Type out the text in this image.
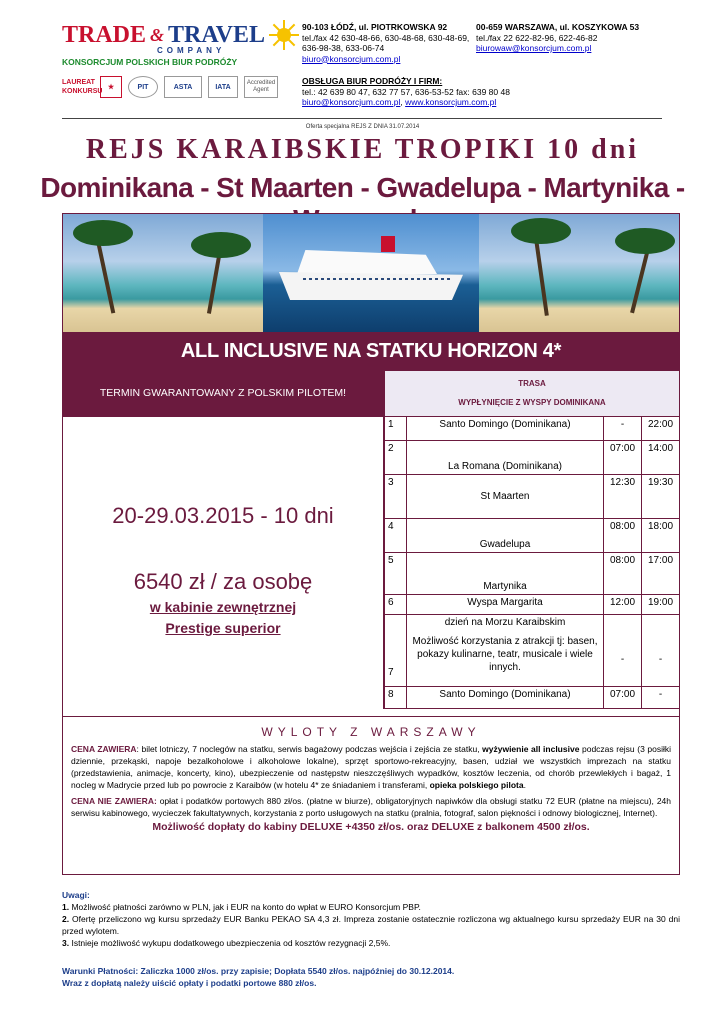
TRADE & TRAVEL
COMPANY
KONSORCJUM POLSKICH BIUR PODRÓŻY
LAUREAT KONKURSU
★	PIT	ASTA	IATA
Accredited Agent
90-103 ŁÓDŹ, ul. PIOTRKOWSKA 92
tel./fax 42 630-48-66, 630-48-68, 630-48-69, 636-98-38, 633-06-74
biuro@konsorcjum.com.pl
00-659 WARSZAWA, ul. KOSZYKOWA 53
tel./fax 22 622-82-96, 622-46-82
biurowaw@konsorcjum.com.pl
OBSŁUGA BIUR PODRÓŻY I FIRM:
tel.: 42 639 80 47, 632 77 57, 636-53-52 fax: 639 80 48
biuro@konsorcjum.com.pl, www.konsorcjum.com.pl
Oferta specjalna REJS Z DNIA 31.07.2014
REJS KARAIBSKIE TROPIKI 10 dni
Dominikana - St Maarten - Gwadelupa - Martynika -
ALL INCLUSIVE NA STATKU HORIZON 4*
TERMIN GWARANTOWANY Z POLSKIM PILOTEM!
20-29.03.2015 - 10 dni
6540 zł / za osobę
w kabinie zewnętrznej
Prestige superior
TRASA
WYPŁYNIĘCIE Z WYSPY DOMINIKANA			

1	Santo Domingo (Dominikana)	-	22:00
2	La Romana (Dominikana)	07:00	14:00
3	St Maarten	12:30	19:30
4	Gwadelupa	08:00	18:00
5	Martynika	08:00	17:00
6	Wyspa Margarita	12:00	19:00
7	dzień na Morzu Karaibskim
Możliwość korzystania z atrakcji tj: basen, pokazy kulinarne, teatr, musicale i wiele innych.	-	-
8	Santo Domingo (Dominikana)	07:00	-
WYLOTY Z WARSZAWY

CENA ZAWIERA: bilet lotniczy, 7 noclegów na statku, serwis bagażowy podczas wejścia i zejścia ze statku, wyżywienie all inclusive podczas rejsu (3 posiłki dziennie, przekąski, napoje bezalkoholowe i alkoholowe lokalne), sprzęt sportowo-rekreacyjny, basen, udział we wszystkich imprezach na statku (przedstawienia, animacje, koncerty, kino), ubezpieczenie od następstw nieszczęśliwych wypadków, kosztów leczenia, od chorób przewlekłych i bagaż, 1 nocleg w Madrycie przed lub po powrocie z Karaibów (w hotelu 4* ze śniadaniem i transferami, opieka polskiego pilota.

CENA NIE ZAWIERA: opłat i podatków portowych 880 zł/os. (płatne w biurze), obligatoryjnych napiwków dla obsługi statku 72 EUR (płatne na miejscu), 24h serwisu kabinowego, wycieczek fakultatywnych, korzystania z porto usługowych na statku (pralnia, fotograf, salon piękności i odnowy biologicznej, Internet).

Możliwość dopłaty do kabiny DELUXE +4350 zł/os. oraz DELUXE z balkonem 4500 zł/os.
Uwagi:
1. Możliwość płatności zarówno w PLN, jak i EUR na konto do wpłat w EURO Konsorcjum PBP.
2. Ofertę przeliczono wg kursu sprzedaży EUR Banku PEKAO SA 4,3 zł. Impreza zostanie ostatecznie rozliczona wg aktualnego kursu sprzedaży EUR na 30 dni przed wylotem.
3. Istnieje możliwość wykupu dodatkowego ubezpieczenia od kosztów rezygnacji 2,5%.
Warunki Płatności: Zaliczka 1000 zł/os. przy zapisie; Dopłata 5540 zł/os. najpóźniej do 30.12.2014.
Wraz z dopłatą należy uiścić opłaty i podatki portowe 880 zł/os.
